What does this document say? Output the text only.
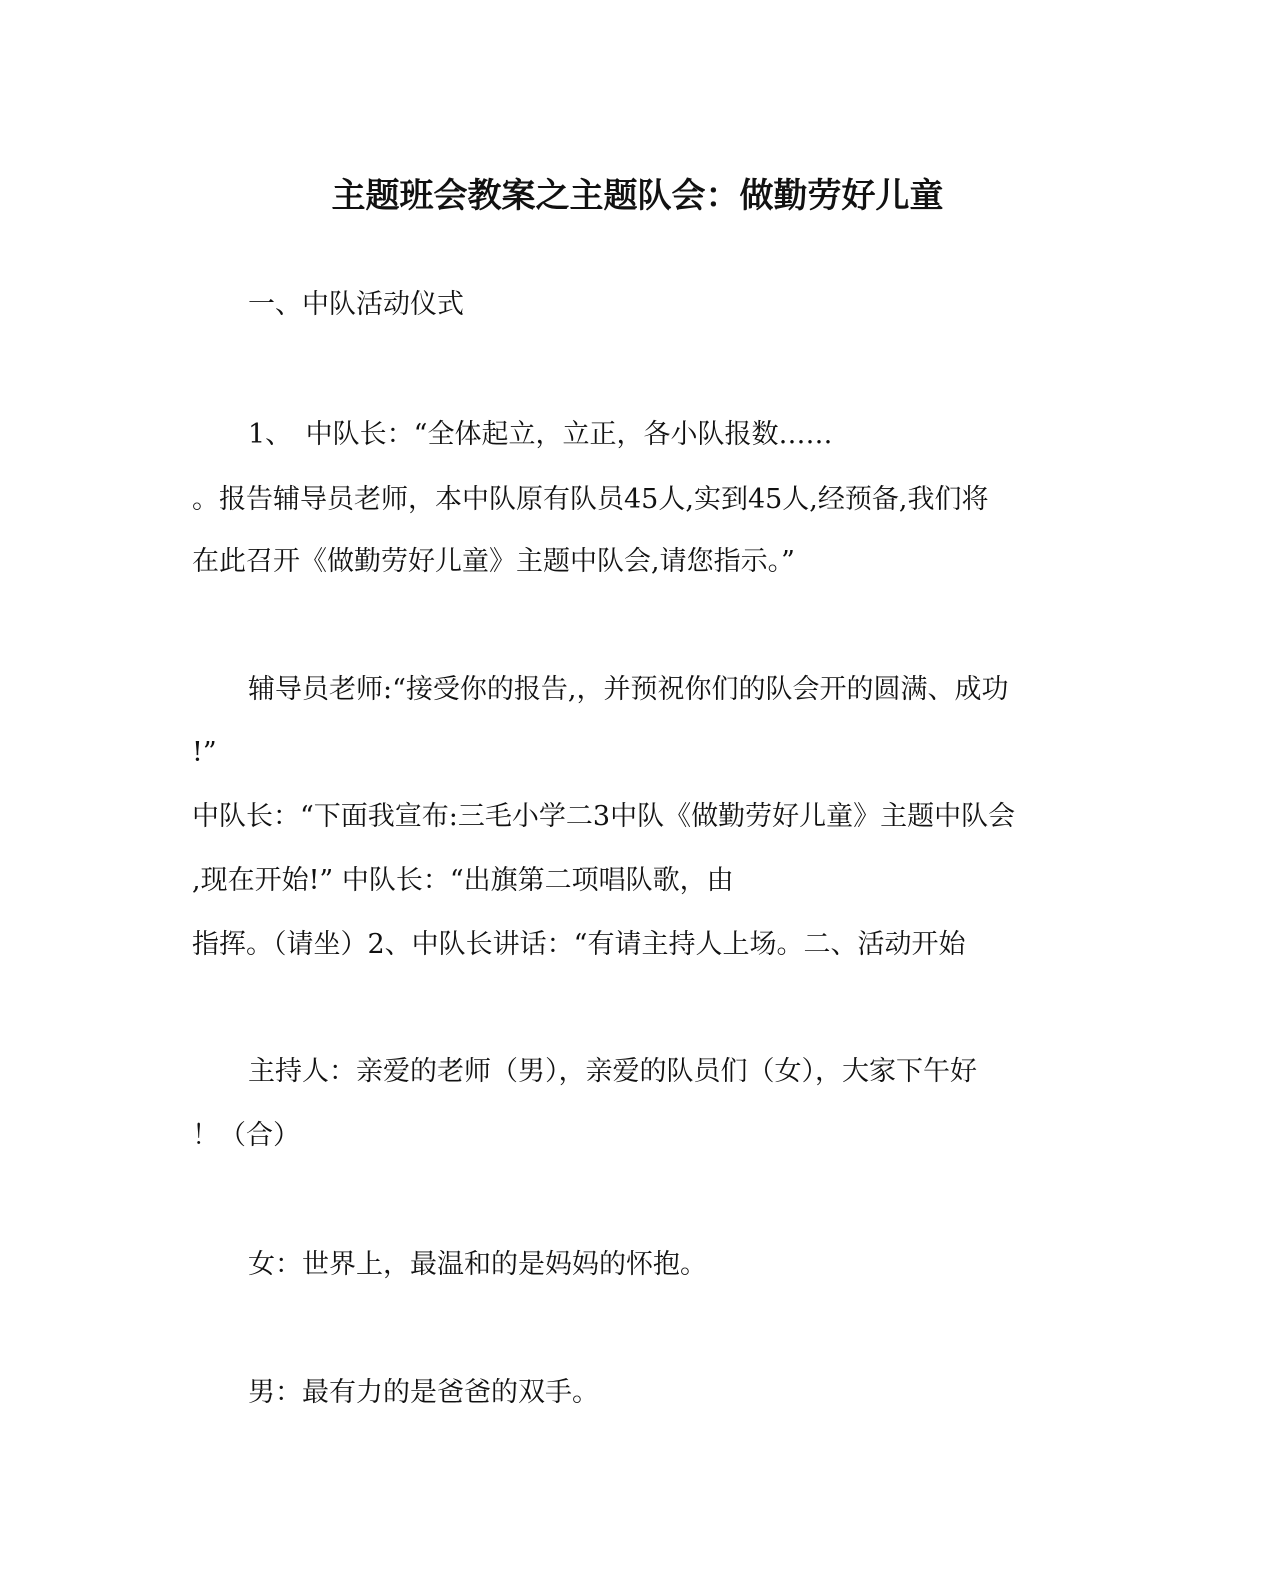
主题班会教案之主题队会：做勤劳好儿童
一、中队活动仪式
1、　中队长：“全体起立，立正，各小队报数……
。报告辅导员老师，本中队原有队员45人,实到45人,经预备,我们将
在此召开《做勤劳好儿童》主题中队会,请您指示。”
辅导员老师:“接受你的报告,，并预祝你们的队会开的圆满、成功
!”
中队长：“下面我宣布:三毛小学二3中队《做勤劳好儿童》主题中队会
,现在开始!” 中队长：“出旗第二项唱队歌，由
指挥。（请坐）2、中队长讲话：“有请主持人上场。二、活动开始
主持人：亲爱的老师（男），亲爱的队员们（女），大家下午好
！（合）
女：世界上，最温和的是妈妈的怀抱。
男：最有力的是爸爸的双手。
